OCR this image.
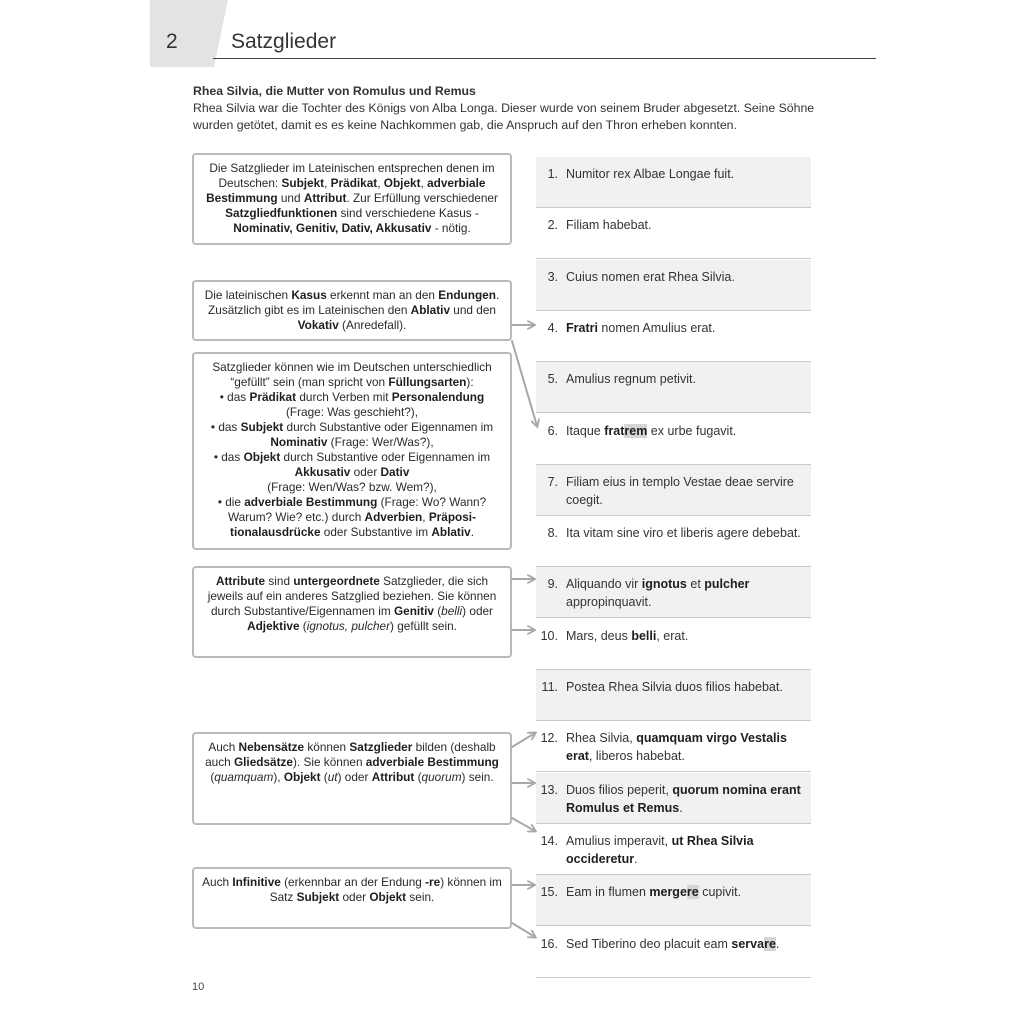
2	Satzglieder
Rhea Silvia, die Mutter von Romulus und Remus
Rhea Silvia war die Tochter des Königs von Alba Longa. Dieser wurde von seinem Bruder abgesetzt. Seine Söhne wurden getötet, damit es es keine Nachkommen gab, die Anspruch auf den Thron erheben konnten.
Die Satzglieder im Lateinischen entsprechen denen im Deutschen: Subjekt, Prädikat, Objekt, adverbiale Bestimmung und Attribut. Zur Erfüllung verschiedener Satzgliedfunktionen sind verschiedene Kasus - Nominativ, Genitiv, Dativ, Akkusativ - nötig.
Die lateinischen Kasus erkennt man an den Endungen. Zusätzlich gibt es im Lateinischen den Ablativ und den Vokativ (Anredefall).
Satzglieder können wie im Deutschen unterschiedlich “gefüllt” sein (man spricht von Füllungsarten):
• das Prädikat durch Verben mit Personalendung
(Frage: Was geschieht?),
• das Subjekt durch Substantive oder Eigennamen im Nominativ (Frage: Wer/Was?),
• das Objekt durch Substantive oder Eigennamen im Akkusativ oder Dativ
(Frage: Wen/Was? bzw. Wem?),
• die adverbiale Bestimmung (Frage: Wo? Wann? Warum? Wie? etc.) durch Adverbien, Präpositionalausdrücke oder Substantive im Ablativ.
Attribute sind untergeordnete Satzglieder, die sich jeweils auf ein anderes Satzglied beziehen. Sie können durch Substantive/Eigennamen im Genitiv (belli) oder Adjektive (ignotus, pulcher) gefüllt sein.
Auch Nebensätze können Satzglieder bilden (deshalb auch Gliedsätze). Sie können adverbiale Bestimmung (quamquam), Objekt (ut) oder Attribut (quorum) sein.
Auch Infinitive (erkennbar an der Endung -re) können im Satz Subjekt oder Objekt sein.
1. Numitor rex Albae Longae fuit.
2. Filiam habebat.
3. Cuius nomen erat Rhea Silvia.
4. Fratri nomen Amulius erat.
5. Amulius regnum petivit.
6. Itaque fratrem ex urbe fugavit.
7. Filiam eius in templo Vestae deae servire coegit.
8. Ita vitam sine viro et liberis agere debebat.
9. Aliquando vir ignotus et pulcher appropinquavit.
10. Mars, deus belli, erat.
11. Postea Rhea Silvia duos filios habebat.
12. Rhea Silvia, quamquam virgo Vestalis erat, liberos habebat.
13. Duos filios peperit, quorum nomina erant Romulus et Remus.
14. Amulius imperavit, ut Rhea Silvia occideretur.
15. Eam in flumen mergere cupivit.
16. Sed Tiberino deo placuit eam servare.
10
